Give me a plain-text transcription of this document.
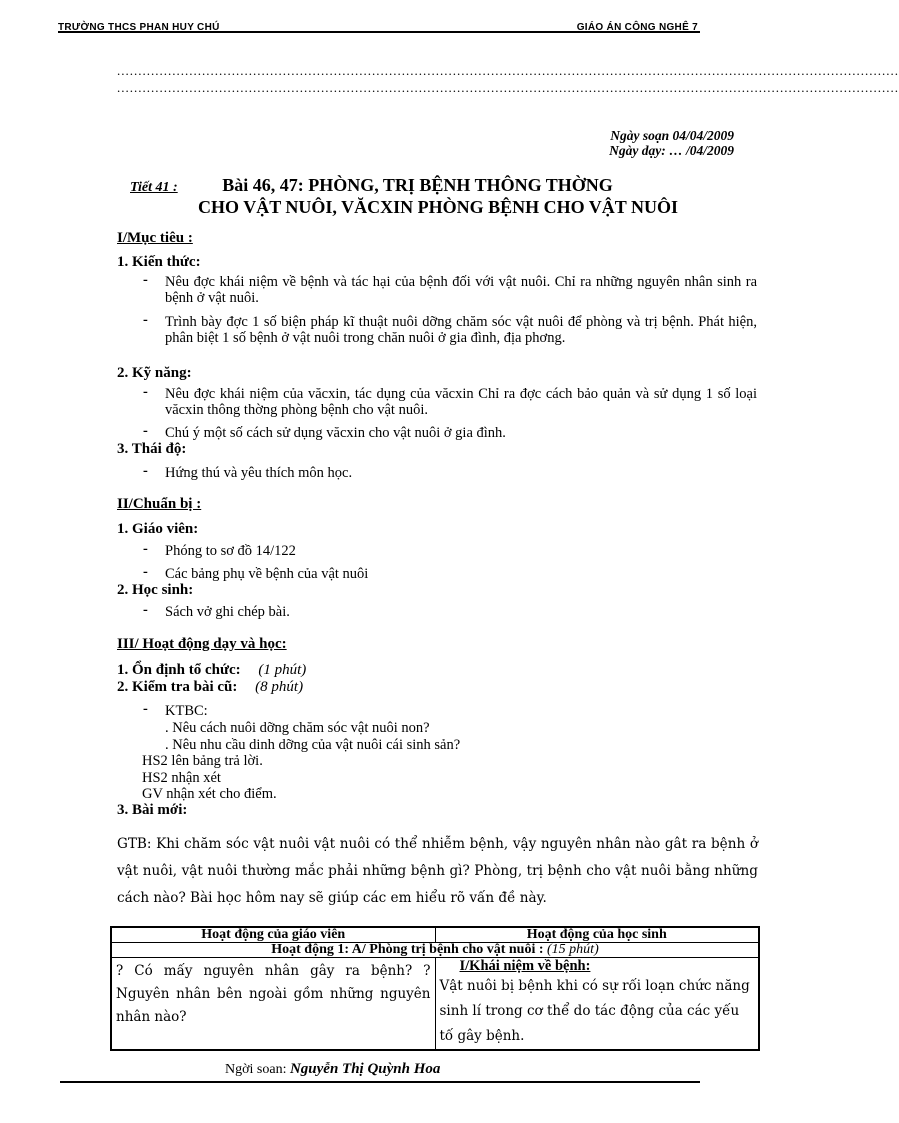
TRƯỜNG THCS PHAN HUY CHÚ	GIÁO ÁN CÔNG NGHỆ 7
........................................................................................................................................................................................
........................................................................................................................................................................................
Ngày soạn 04/04/2009
Ngày dạy: … /04/2009
Tiết 41 : Bài 46, 47: PHÒNG, TRỊ BỆNH THÔNG THỜNG
CHO VẬT NUÔI, VĂCXIN PHÒNG BỆNH CHO VẬT NUÔI
I/Mục tiêu :
1. Kiến thức:
- Nêu đợc khái niệm về bệnh và tác hại của bệnh đối với vật nuôi. Chỉ ra những nguyên nhân sinh ra bệnh ở vật nuôi.
- Trình bày đợc 1 số biện pháp kĩ thuật nuôi dỡng chăm sóc vật nuôi để phòng và trị bệnh. Phát hiện, phân biệt 1 số bệnh ở vật nuôi trong chăn nuôi ở gia đình, địa phơng.
2. Kỹ năng:
- Nêu đợc khái niệm của văcxin, tác dụng của văcxin Chỉ ra đợc cách bảo quản và sử dụng 1 số loại văcxin thông thờng phòng bệnh cho vật nuôi.
- Chú ý một số cách sử dụng văcxin cho vật nuôi ở gia đình.
3. Thái độ:
- Hứng thú và yêu thích môn học.
II/Chuẩn bị :
1. Giáo viên:
- Phóng to sơ đồ 14/122
- Các bảng phụ về bệnh của vật nuôi
2. Học sinh:
- Sách vở ghi chép bài.
III/ Hoạt động dạy và học:
1. Ổn định tổ chức: (1 phút)
2. Kiểm tra bài cũ: (8 phút)
- KTBC:
. Nêu cách nuôi dỡng chăm sóc vật nuôi non?
. Nêu nhu cầu dinh dỡng của vật nuôi cái sinh sản?
HS2 lên bảng trả lời.
HS2 nhận xét
GV nhận xét cho điểm.
3. Bài mới:
GTB: Khi chăm sóc vật nuôi vật nuôi có thể nhiễm bệnh, vậy nguyên nhân nào gât ra bệnh ở vật nuôi, vật nuôi thường mắc phải những bệnh gì? Phòng, trị bệnh cho vật nuôi bằng những cách nào? Bài học hôm nay sẽ giúp các em hiểu rõ vấn đề này.
Hoạt động của giáo viên	Hoạt động của học sinh
Hoạt động 1: A/ Phòng trị bệnh cho vật nuôi : (15 phút)	
? Có mấy nguyên nhân gây ra bệnh? ? Nguyên nhân bên ngoài gồm những nguyên nhân nào?	I/Khái niệm về bệnh:
Vật nuôi bị bệnh khi có sự rối loạn chức năng sinh lí trong cơ thể do tác động của các yếu tố gây bệnh.
Ngời soan: Nguyễn Thị Quỳnh Hoa
